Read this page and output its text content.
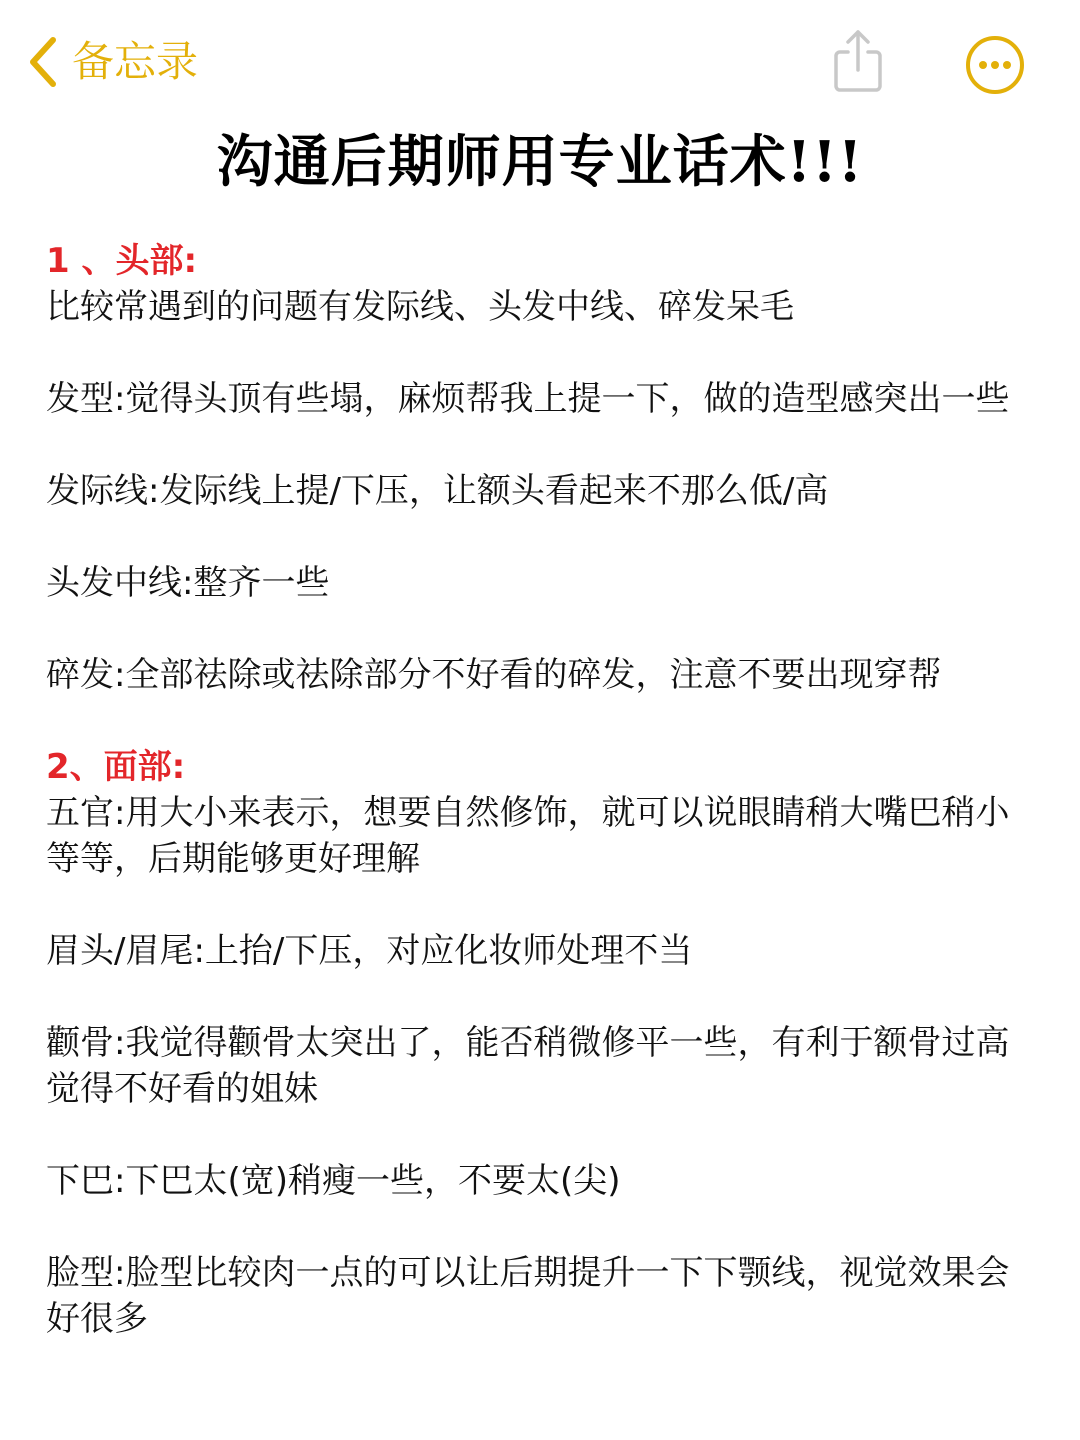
备忘录
沟通后期师用专业话术!!!
1 、头部:

比较常遇到的问题有发际线、头发中线、碎发呆毛

发型:觉得头顶有些塌，麻烦帮我上提一下，做的造型感突出一些

发际线:发际线上提/下压，让额头看起来不那么低/高

头发中线:整齐一些

碎发:全部祛除或祛除部分不好看的碎发，注意不要出现穿帮

2、面部:

五官:用大小来表示，想要自然修饰，就可以说眼睛稍大嘴巴稍小等等，后期能够更好理解

眉头/眉尾:上抬/下压，对应化妆师处理不当

颧骨:我觉得颧骨太突出了，能否稍微修平一些，有利于额骨过高觉得不好看的姐妹

下巴:下巴太(宽)稍瘦一些，不要太(尖)

脸型:脸型比较肉一点的可以让后期提升一下下颚线，视觉效果会好很多
